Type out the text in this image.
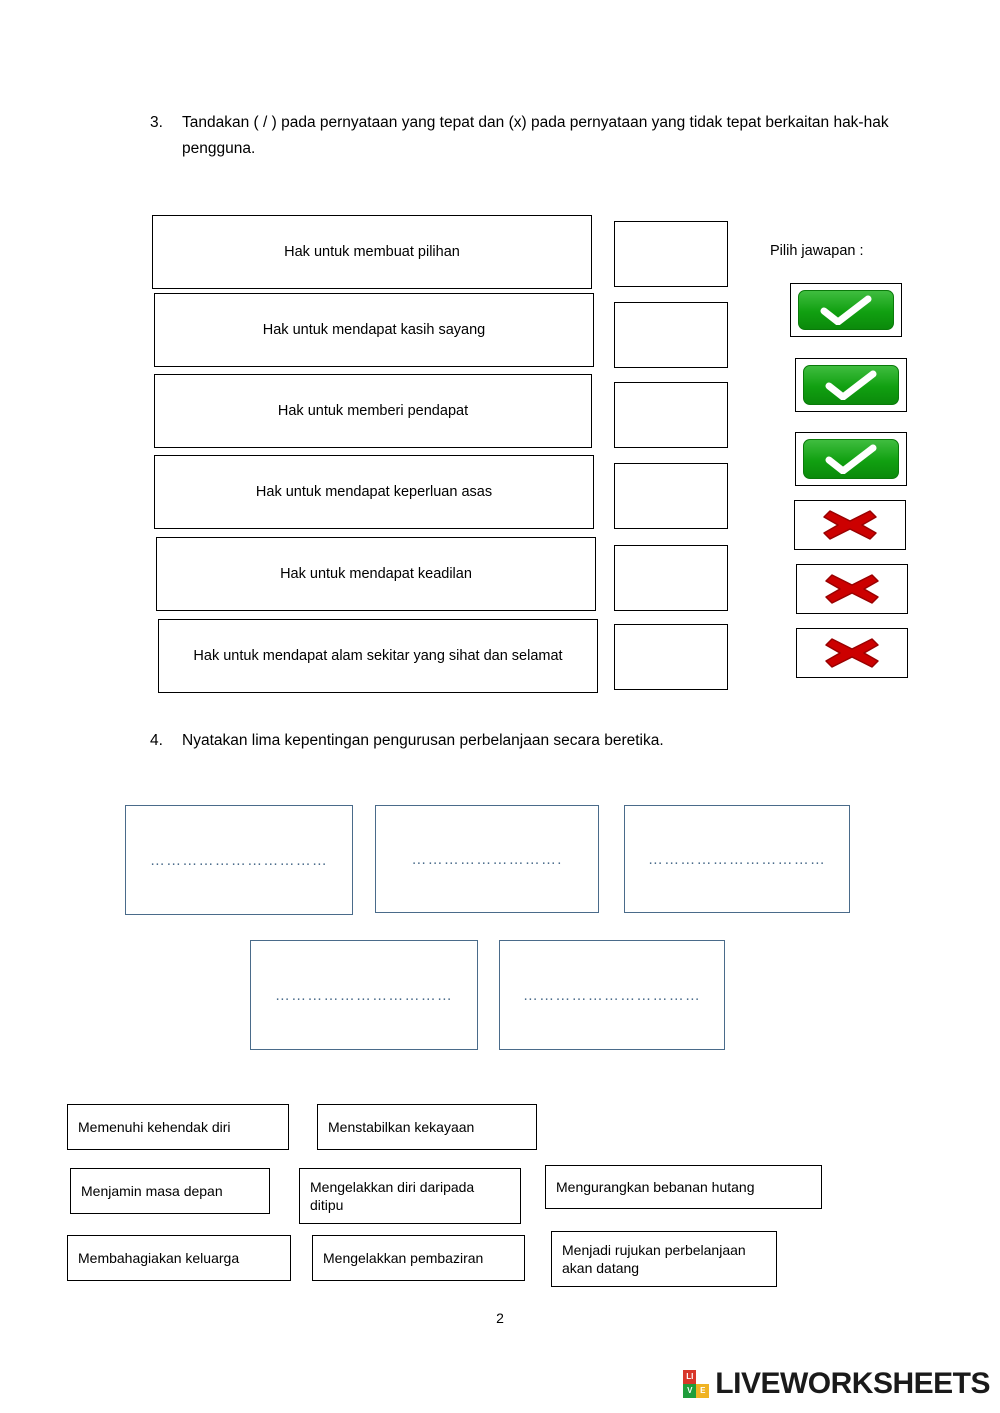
3.	Tandakan ( / ) pada pernyataan yang tepat dan (x) pada pernyataan yang tidak tepat berkaitan hak-hak pengguna.
Hak untuk membuat pilihan
Hak untuk mendapat kasih sayang
Hak untuk memberi pendapat
Hak untuk mendapat keperluan asas
Hak untuk mendapat keadilan
Hak untuk mendapat alam sekitar yang sihat dan selamat
Pilih jawapan :
4.	Nyatakan lima kepentingan pengurusan perbelanjaan secara beretika.
……………………………	……………………….	……………………………
……………………………	……………………………
Memenuhi kehendak diri	Menstabilkan kekayaan
Menjamin masa depan	Mengelakkan diri daripada ditipu
Mengurangkan bebanan hutang
Membahagiakan keluarga	Mengelakkan pembaziran	Menjadi rujukan perbelanjaan akan datang
2
LI
V E LIVEWORKSHEETS
